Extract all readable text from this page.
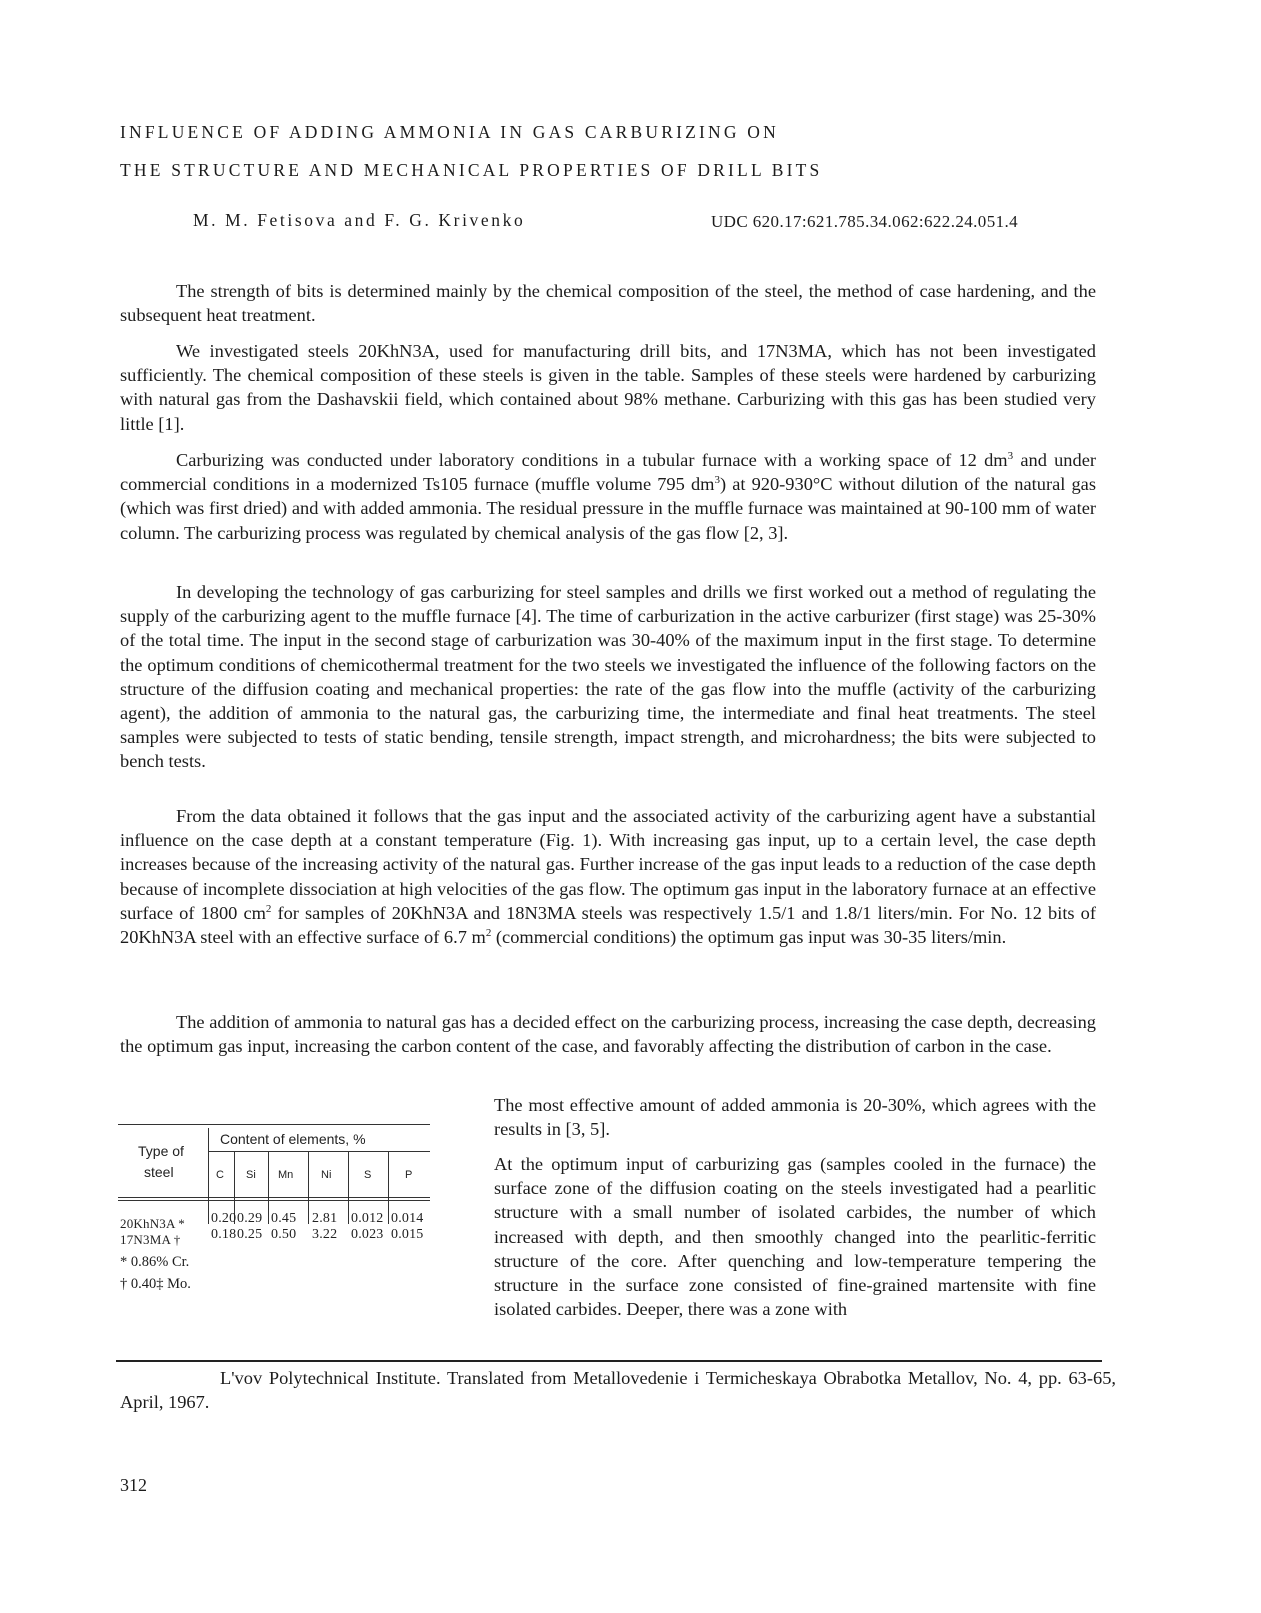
INFLUENCE OF ADDING AMMONIA IN GAS CARBURIZING ON
THE STRUCTURE AND MECHANICAL PROPERTIES OF DRILL BITS
M. M. Fetisova and F. G. Krivenko	UDC 620.17:621.785.34.062:622.24.051.4
The strength of bits is determined mainly by the chemical composition of the steel, the method of case hardening, and the subsequent heat treatment.
We investigated steels 20KhN3A, used for manufacturing drill bits, and 17N3MA, which has not been investigated sufficiently. The chemical composition of these steels is given in the table. Samples of these steels were hardened by carburizing with natural gas from the Dashavskii field, which contained about 98% methane. Carburizing with this gas has been studied very little [1].
Carburizing was conducted under laboratory conditions in a tubular furnace with a working space of 12 $dm^3$ and under commercial conditions in a modernized Ts105 furnace (muffle volume 795 $dm^3$) at 920-930°C without dilution of the natural gas (which was first dried) and with added ammonia. The residual pressure in the muffle furnace was maintained at 90-100 mm of water column. The carburizing process was regulated by chemical analysis of the gas flow [2, 3].
In developing the technology of gas carburizing for steel samples and drills we first worked out a method of regulating the supply of the carburizing agent to the muffle furnace [4]. The time of carburization in the active carburizer (first stage) was 25-30% of the total time. The input in the second stage of carburization was 30-40% of the maximum input in the first stage. To determine the optimum conditions of chemicothermal treatment for the two steels we investigated the influence of the following factors on the structure of the diffusion coating and mechanical properties: the rate of the gas flow into the muffle (activity of the carburizing agent), the addition of ammonia to the natural gas, the carburizing time, the intermediate and final heat treatments. The steel samples were subjected to tests of static bending, tensile strength, impact strength, and microhardness; the bits were subjected to bench tests.
From the data obtained it follows that the gas input and the associated activity of the carburizing agent have a substantial influence on the case depth at a constant temperature (Fig. 1). With increasing gas input, up to a certain level, the case depth increases because of the increasing activity of the natural gas. Further increase of the gas input leads to a reduction of the case depth because of incomplete dissociation at high velocities of the gas flow. The optimum gas input in the laboratory furnace at an effective surface of 1800 $cm^2$ for samples of 20KhN3A and 18N3MA steels was respectively 1.5/1 and 1.8/1 liters/min. For No. 12 bits of 20KhN3A steel with an effective surface of 6.7 $m^2$ (commercial conditions) the optimum gas input was 30-35 liters/min.
The addition of ammonia to natural gas has a decided effect on the carburizing process, increasing the case depth, decreasing the optimum gas input, increasing the carbon content of the case, and favorably affecting the distribution of carbon in the case.
The most effective amount of added ammonia is 20-30%, which agrees with the results in [3, 5].
At the optimum input of carburizing gas (samples cooled in the furnace) the surface zone of the diffusion coating on the steels investigated had a pearlitic structure with a small number of isolated carbides, the number of which increased with depth, and then smoothly changed into the pearlitic-ferritic structure of the core. After quenching and low-temperature tempering the structure in the surface zone consisted of fine-grained martensite with fine isolated carbides. Deeper, there was a zone with
Content of elements, %
Type of
steel	C Si Mn	Ni	S	P
20KhN3A * 0.20 0.29 0.45 2.81 0.012 0.014
17N3MA † 0.18 0.25 0.50 3.22 0.023 0.015
* 0.86% Cr.
† 0.40‡ Mo.
L'vov Polytechnical Institute. Translated from Metallovedenie i Termicheskaya Obrabotka Metallov, No. 4, pp. 63-65, April, 1967.
312
